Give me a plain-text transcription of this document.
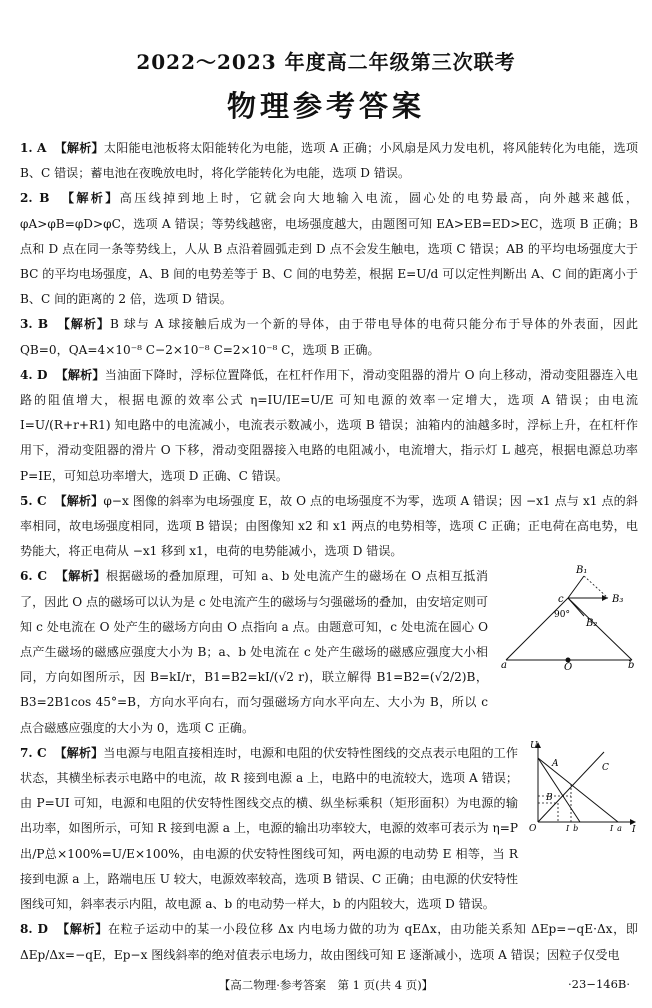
2022～2023 年度高二年级第三次联考
物理参考答案

1. A 【解析】太阳能电池板将太阳能转化为电能，选项 A 正确；小风扇是风力发电机，将风能转化为电能，选项 B、C 错误；蓄电池在夜晚放电时，将化学能转化为电能，选项 D 错误。

2. B 【解析】高压线掉到地上时，它就会向大地输入电流，圆心处的电势最高，向外越来越低，φA>φB=φD>φC，选项 A 错误；等势线越密，电场强度越大，由题图可知 EA>EB=ED>EC，选项 B 正确；B 点和 D 点在同一条等势线上，人从 B 点沿着圆弧走到 D 点不会发生触电，选项 C 错误；AB 的平均电场强度大于 BC 的平均电场强度，A、B 间的电势差等于 B、C 间的电势差，根据 E=U/d 可以定性判断出 A、C 间的距离小于 B、C 间的距离的 2 倍，选项 D 错误。

3. B 【解析】B 球与 A 球接触后成为一个新的导体，由于带电导体的电荷只能分布于导体的外表面，因此 QB=0，QA=4×10⁻⁸ C−2×10⁻⁸ C=2×10⁻⁸ C，选项 B 正确。

4. D 【解析】当油面下降时，浮标位置降低，在杠杆作用下，滑动变阻器的滑片 O 向上移动，滑动变阻器连入电路的阻值增大，根据电源的效率公式 η=IU/IE=U/E 可知电源的效率一定增大，选项 A 错误；由电流 I=U/(R+r+R1) 知电路中的电流减小，电流表示数减小，选项 B 错误；油箱内的油越多时，浮标上升，在杠杆作用下，滑动变阻器的滑片 O 下移，滑动变阻器接入电路的电阻减小，电流增大，指示灯 L 越亮，根据电源总功率 P=IE，可知总功率增大，选项 D 正确、C 错误。

5. C 【解析】φ−x 图像的斜率为电场强度 E，故 O 点的电场强度不为零，选项 A 错误；因 −x1 点与 x1 点的斜率相同，故电场强度相同，选项 B 错误；由图像知 x2 和 x1 两点的电势相等，选项 C 正确；正电荷在高电势，电势能大，将正电荷从 −x1 移到 x1，电荷的电势能减小，选项 D 错误。

6. C 【解析】根据磁场的叠加原理，可知 a、b 处电流产生的磁场在 O 点相互抵消了，因此 O 点的磁场可以认为是 c 处电流产生的磁场与匀强磁场的叠加，由安培定则可知 c 处电流在 O 处产生的磁场方向由 O 点指向 a 点。由题意可知，c 处电流在圆心 O 点产生磁场的磁感应强度大小为 B；a、b 处电流在 c 处产生磁场的磁感应强度大小相同，方向如图所示，因 B=kI/r，B1=B2=kI/(√2 r)，联立解得 B1=B2=(√2/2)B，B3=2B1cos 45°=B，方向水平向右，而匀强磁场方向水平向左、大小为 B，所以 c 点合磁感应强度的大小为 0，选项 C 正确。

7. C 【解析】当电源与电阻直接相连时，电源和电阻的伏安特性图线的交点表示电阻的工作状态，其横坐标表示电路中的电流，故 R 接到电源 a 上，电路中的电流较大，选项 A 错误；由 P=UI 可知，电源和电阻的伏安特性图线交点的横、纵坐标乘积（矩形面积）为电源的输出功率，如图所示，可知 R 接到电源 a 上，电源的输出功率较大，电源的效率可表示为 η=P出/P总×100%=U/E×100%，由电源的伏安特性图线可知，两电源的电动势 E 相等，当 R 接到电源 a 上，路端电压 U 较大，电源效率较高，选项 B 错误、C 正确；由电源的伏安特性图线可知，斜率表示内阻，故电源 a、b 的电动势一样大，b 的内阻较大，选项 D 错误。

8. D 【解析】在粒子运动中的某一小段位移 Δx 内电场力做的功为 qEΔx，由功能关系知 ΔEp=−qE·Δx，即 ΔEp/Δx=−qE，Ep−x 图线斜率的绝对值表示电场力，故由图线可知 E 逐渐减小，选项 A 错误；因粒子仅受电

B₁
B₂
B₃
c
90°
a	O	b
U
I
O
A
B
C
I_b	I_a
【高二物理·参考答案　第 1 页(共 4 页)】	·23−146B·
